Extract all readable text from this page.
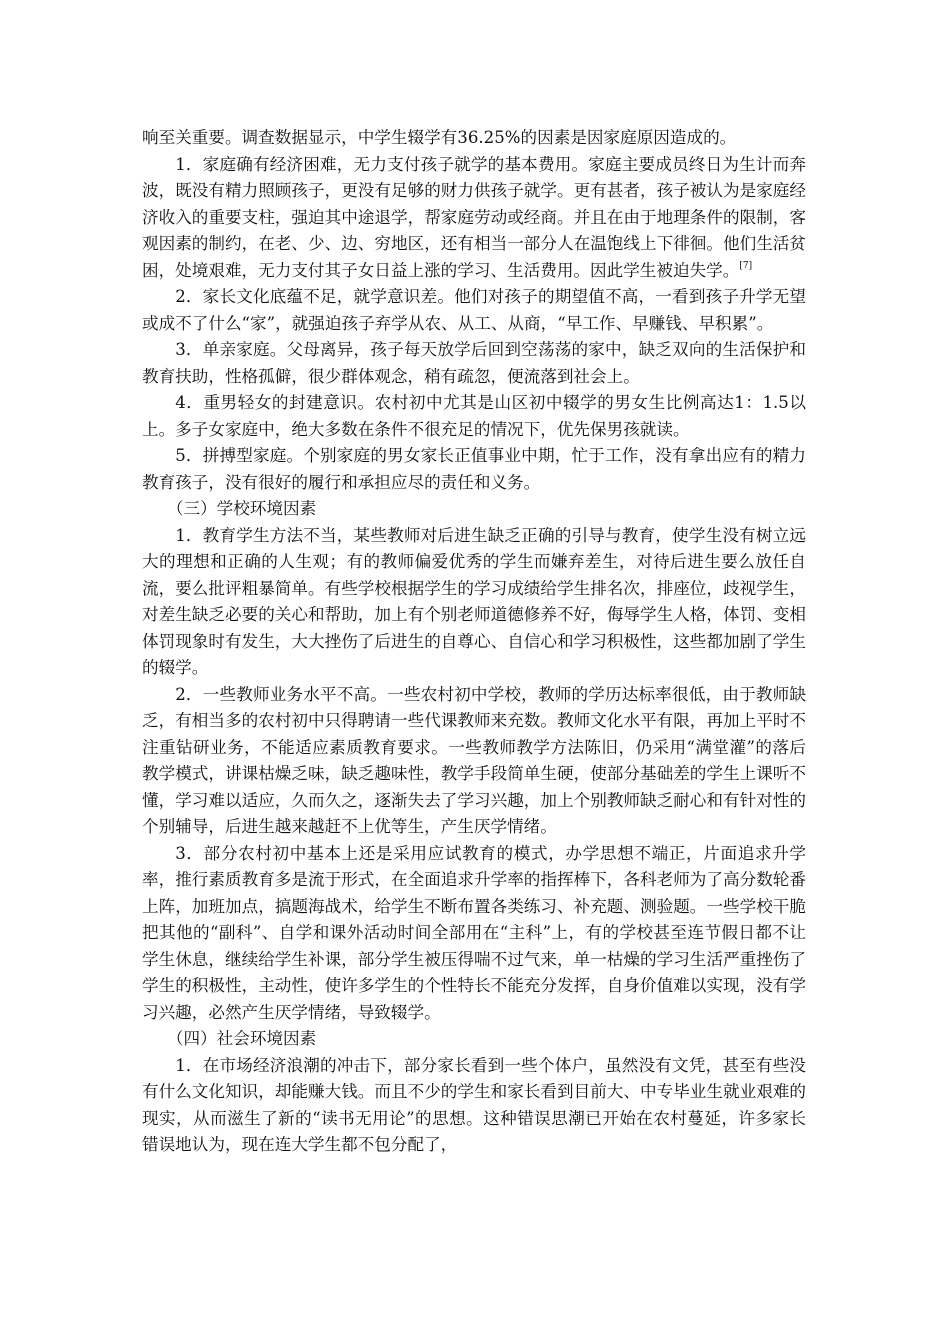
响至关重要。调查数据显示，中学生辍学有36.25%的因素是因家庭原因造成的。

1．家庭确有经济困难，无力支付孩子就学的基本费用。家庭主要成员终日为生计而奔波，既没有精力照顾孩子，更没有足够的财力供孩子就学。更有甚者，孩子被认为是家庭经济收入的重要支柱，强迫其中途退学，帮家庭劳动或经商。并且在由于地理条件的限制，客观因素的制约，在老、少、边、穷地区，还有相当一部分人在温饱线上下徘徊。他们生活贫困，处境艰难，无力支付其子女日益上涨的学习、生活费用。因此学生被迫失学。[7]

2．家长文化底蕴不足，就学意识差。他们对孩子的期望值不高，一看到孩子升学无望或成不了什么“家”，就强迫孩子弃学从农、从工、从商，“早工作、早赚钱、早积累”。

3．单亲家庭。父母离异，孩子每天放学后回到空荡荡的家中，缺乏双向的生活保护和教育扶助，性格孤僻，很少群体观念，稍有疏忽，便流落到社会上。

4．重男轻女的封建意识。农村初中尤其是山区初中辍学的男女生比例高达1：1.5以上。多子女家庭中，绝大多数在条件不很充足的情况下，优先保男孩就读。

5．拼搏型家庭。个别家庭的男女家长正值事业中期，忙于工作，没有拿出应有的精力教育孩子，没有很好的履行和承担应尽的责任和义务。

（三）学校环境因素

1．教育学生方法不当，某些教师对后进生缺乏正确的引导与教育，使学生没有树立远大的理想和正确的人生观；有的教师偏爱优秀的学生而嫌弃差生，对待后进生要么放任自流，要么批评粗暴简单。有些学校根据学生的学习成绩给学生排名次，排座位，歧视学生，对差生缺乏必要的关心和帮助，加上有个别老师道德修养不好，侮辱学生人格，体罚、变相体罚现象时有发生，大大挫伤了后进生的自尊心、自信心和学习积极性，这些都加剧了学生的辍学。

2．一些教师业务水平不高。一些农村初中学校，教师的学历达标率很低，由于教师缺乏，有相当多的农村初中只得聘请一些代课教师来充数。教师文化水平有限，再加上平时不注重钻研业务，不能适应素质教育要求。一些教师教学方法陈旧，仍采用“满堂灌”的落后教学模式，讲课枯燥乏味，缺乏趣味性，教学手段简单生硬，使部分基础差的学生上课听不懂，学习难以适应，久而久之，逐渐失去了学习兴趣，加上个别教师缺乏耐心和有针对性的个别辅导，后进生越来越赶不上优等生，产生厌学情绪。

3．部分农村初中基本上还是采用应试教育的模式，办学思想不端正，片面追求升学率，推行素质教育多是流于形式，在全面追求升学率的指挥棒下，各科老师为了高分数轮番上阵，加班加点，搞题海战术，给学生不断布置各类练习、补充题、测验题。一些学校干脆把其他的“副科”、自学和课外活动时间全部用在“主科”上，有的学校甚至连节假日都不让学生休息，继续给学生补课，部分学生被压得喘不过气来，单一枯燥的学习生活严重挫伤了学生的积极性，主动性，使许多学生的个性特长不能充分发挥，自身价值难以实现，没有学习兴趣，必然产生厌学情绪，导致辍学。

（四）社会环境因素

1．在市场经济浪潮的冲击下，部分家长看到一些个体户，虽然没有文凭，甚至有些没有什么文化知识，却能赚大钱。而且不少的学生和家长看到目前大、中专毕业生就业艰难的现实，从而滋生了新的“读书无用论”的思想。这种错误思潮已开始在农村蔓延，许多家长错误地认为，现在连大学生都不包分配了，
